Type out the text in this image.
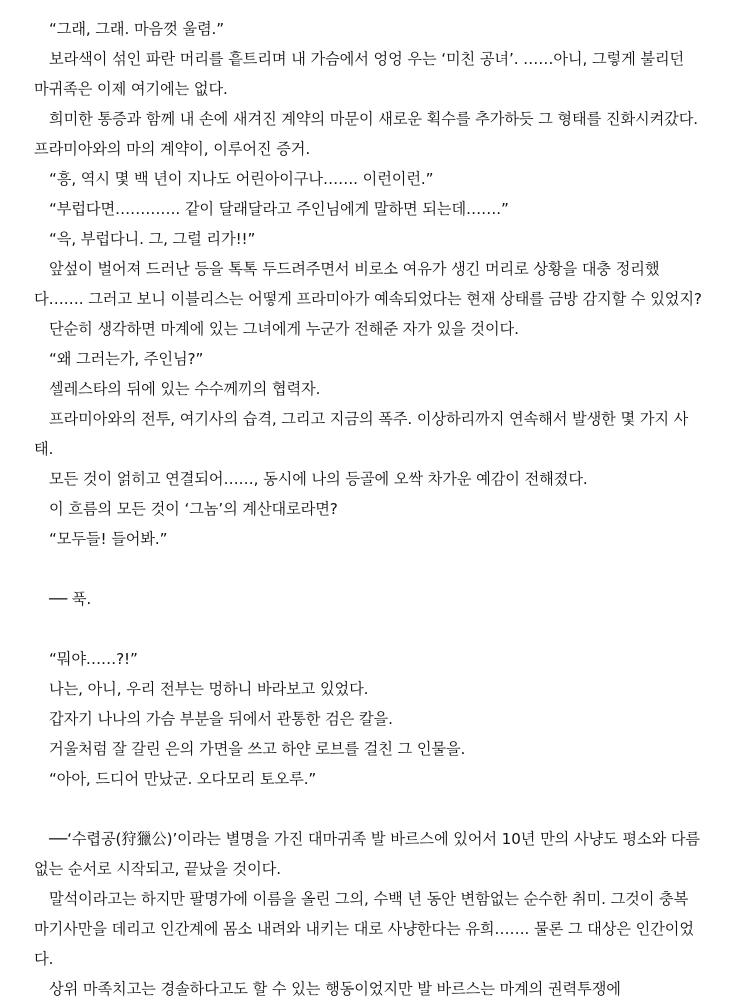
“그래, 그래. 마음껏 울렴.”

보라색이 섞인 파란 머리를 흩트리며 내 가슴에서 엉엉 우는 ‘미친 공녀’. ……아니, 그렇게 불리던 마귀족은 이제 여기에는 없다.

희미한 통증과 함께 내 손에 새겨진 계약의 마문이 새로운 획수를 추가하듯 그 형태를 진화시켜갔다. 프라미아와의 마의 계약이, 이루어진 증거.

“흥, 역시 몇 백 년이 지나도 어린아이구나……. 이런이런.”

“부럽다면…………. 같이 달래달라고 주인님에게 말하면 되는데…….”

“윽, 부럽다니. 그, 그럴 리가!!”

앞섶이 벌어져 드러난 등을 톡톡 두드려주면서 비로소 여유가 생긴 머리로 상황을 대충 정리했다……. 그러고 보니 이블리스는 어떻게 프라미아가 예속되었다는 현재 상태를 금방 감지할 수 있었지?

단순히 생각하면 마계에 있는 그녀에게 누군가 전해준 자가 있을 것이다.

“왜 그러는가, 주인님?”

셀레스타의 뒤에 있는 수수께끼의 협력자.

프라미아와의 전투, 여기사의 습격, 그리고 지금의 폭주. 이상하리까지 연속해서 발생한 몇 가지 사태.

모든 것이 얽히고 연결되어……, 동시에 나의 등골에 오싹 차가운 예감이 전해졌다.

이 흐름의 모든 것이 ‘그놈’의 계산대로라면?

“모두들! 들어봐.”

── 푹.

“뭐야……?!”

나는, 아니, 우리 전부는 멍하니 바라보고 있었다.

갑자기 나나의 가슴 부분을 뒤에서 관통한 검은 칼을.

거울처럼 잘 갈린 은의 가면을 쓰고 하얀 로브를 걸친 그 인물을.

“아아, 드디어 만났군. 오다모리 토오루.”

──‘수렵공(狩獵公)’이라는 별명을 가진 대마귀족 발 바르스에 있어서 10년 만의 사냥도 평소와 다름없는 순서로 시작되고, 끝났을 것이다.

말석이라고는 하지만 팔명가에 이름을 올린 그의, 수백 년 동안 변함없는 순수한 취미. 그것이 충복 마기사만을 데리고 인간계에 몸소 내려와 내키는 대로 사냥한다는 유희……. 물론 그 대상은 인간이었다.

상위 마족치고는 경솔하다고도 할 수 있는 행동이었지만 발 바르스는 마계의 권력투쟁에
